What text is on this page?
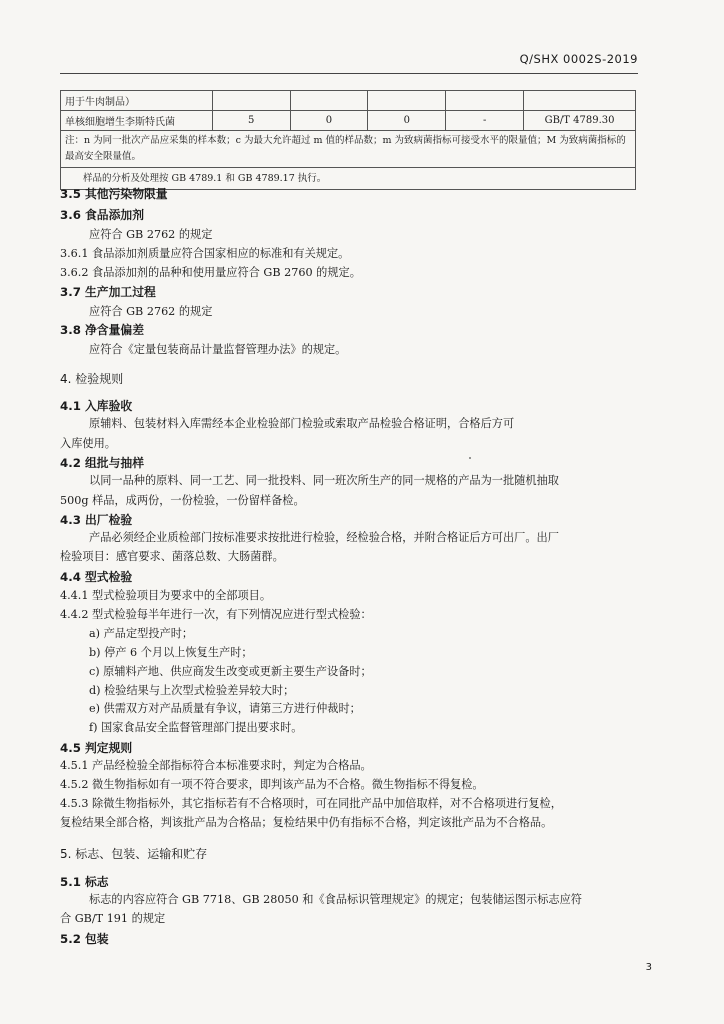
Q/SHX 0002S-2019
用于牛肉制品）					
单核细胞增生李斯特氏菌	5	0	0	-	GB/T 4789.30
注：n 为同一批次产品应采集的样本数；c 为最大允许超过 m 值的样品数；m 为致病菌指标可接受水平的限量值；M 为致病菌指标的最高安全限量值。					
样品的分析及处理按 GB 4789.1 和 GB 4789.17 执行。					
3.5 其他污染物限量
3.6 食品添加剂
应符合 GB 2762 的规定
3.6.1 食品添加剂质量应符合国家相应的标准和有关规定。
3.6.2 食品添加剂的品种和使用量应符合 GB 2760 的规定。
3.7 生产加工过程
应符合 GB 2762 的规定
3.8 净含量偏差
应符合《定量包装商品计量监督管理办法》的规定。
4. 检验规则
4.1 入库验收
原辅料、包装材料入库需经本企业检验部门检验或索取产品检验合格证明，合格后方可
入库使用。
4.2 组批与抽样
以同一品种的原料、同一工艺、同一批投料、同一班次所生产的同一规格的产品为一批随机抽取
500g 样品，成两份，一份检验，一份留样备检。
4.3 出厂检验
产品必须经企业质检部门按标准要求按批进行检验，经检验合格，并附合格证后方可出厂。出厂
检验项目：感官要求、菌落总数、大肠菌群。
4.4 型式检验
4.4.1 型式检验项目为要求中的全部项目。
4.4.2 型式检验每半年进行一次，有下列情况应进行型式检验：
a) 产品定型投产时；
b) 停产 6 个月以上恢复生产时；
c) 原辅料产地、供应商发生改变或更新主要生产设备时；
d) 检验结果与上次型式检验差异较大时；
e) 供需双方对产品质量有争议，请第三方进行仲裁时；
f) 国家食品安全监督管理部门提出要求时。
4.5 判定规则
4.5.1 产品经检验全部指标符合本标准要求时，判定为合格品。
4.5.2 微生物指标如有一项不符合要求，即判该产品为不合格。微生物指标不得复检。
4.5.3 除微生物指标外，其它指标若有不合格项时，可在同批产品中加倍取样，对不合格项进行复检，
复检结果全部合格，判该批产品为合格品；复检结果中仍有指标不合格，判定该批产品为不合格品。
5. 标志、包装、运输和贮存
5.1 标志
标志的内容应符合 GB 7718、GB 28050 和《食品标识管理规定》的规定；包装储运图示标志应符
合 GB/T 191 的规定
5.2 包装
3
